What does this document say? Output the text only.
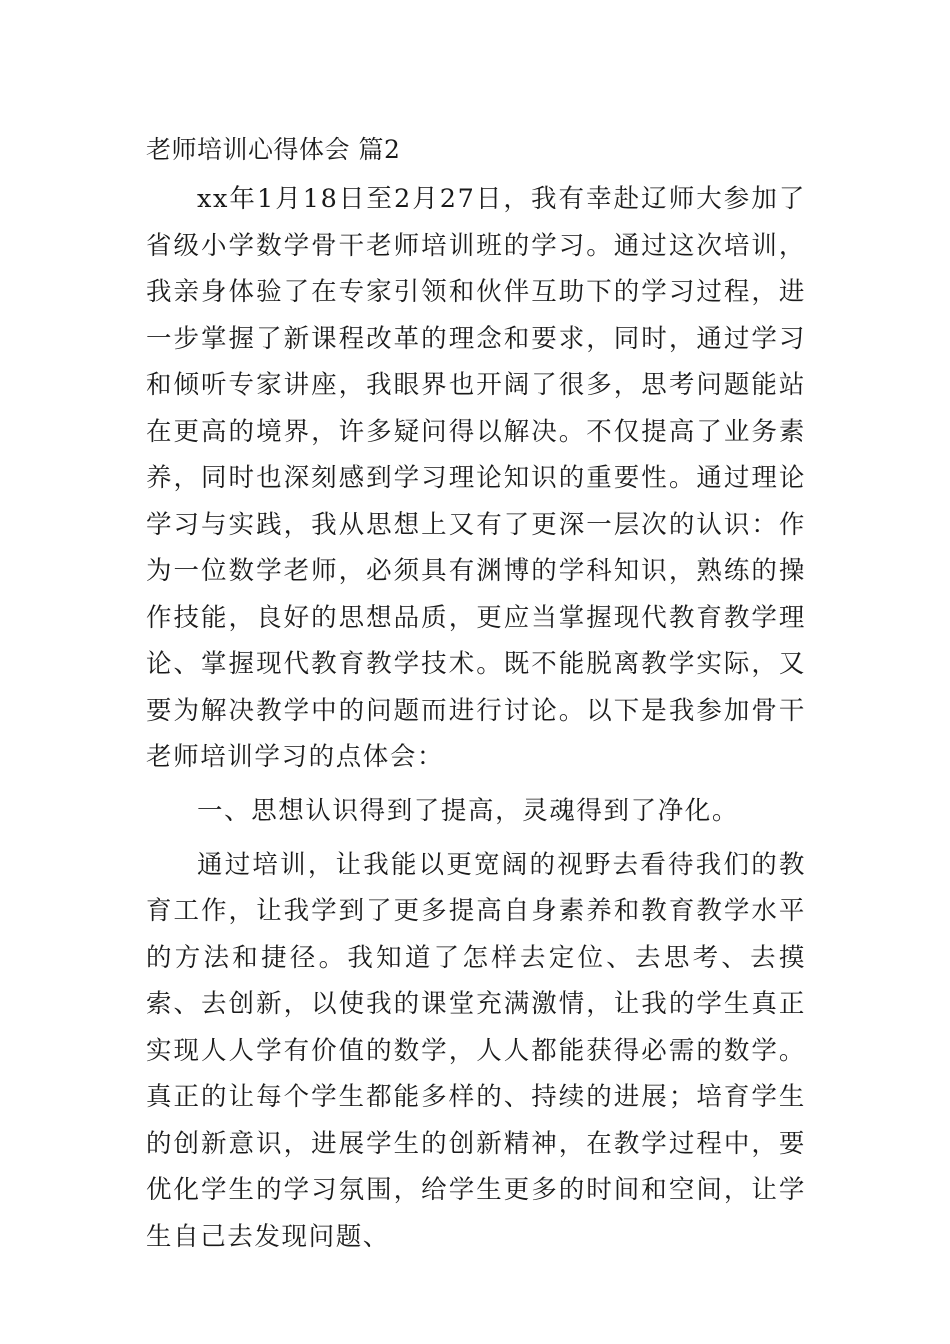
老师培训心得体会 篇2

xx年1月18日至2月27日，我有幸赴辽师大参加了省级小学数学骨干老师培训班的学习。通过这次培训，我亲身体验了在专家引领和伙伴互助下的学习过程，进一步掌握了新课程改革的理念和要求，同时，通过学习和倾听专家讲座，我眼界也开阔了很多，思考问题能站在更高的境界，许多疑问得以解决。不仅提高了业务素养，同时也深刻感到学习理论知识的重要性。通过理论学习与实践，我从思想上又有了更深一层次的认识：作为一位数学老师，必须具有渊博的学科知识，熟练的操作技能，良好的思想品质，更应当掌握现代教育教学理论、掌握现代教育教学技术。既不能脱离教学实际，又要为解决教学中的问题而进行讨论。以下是我参加骨干老师培训学习的点体会：

一、思想认识得到了提高，灵魂得到了净化。

通过培训，让我能以更宽阔的视野去看待我们的教育工作，让我学到了更多提高自身素养和教育教学水平的方法和捷径。我知道了怎样去定位、去思考、去摸索、去创新，以使我的课堂充满激情，让我的学生真正实现人人学有价值的数学，人人都能获得必需的数学。真正的让每个学生都能多样的、持续的进展；培育学生的创新意识，进展学生的创新精神，在教学过程中，要优化学生的学习氛围，给学生更多的时间和空间，让学生自己去发现问题、
